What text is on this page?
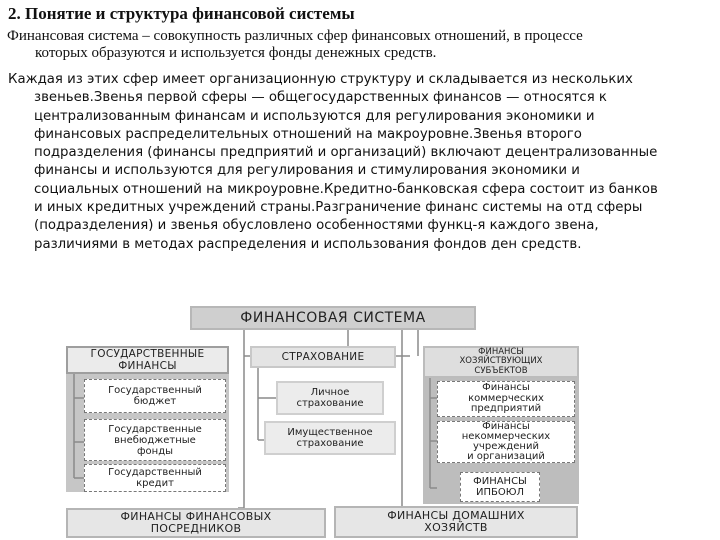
2. Понятие и структура финансовой системы
Финансовая система – совокупность различных сфер финансовых отношений, в процессе
которых образуются и используется фонды денежных средств.
Каждая из этих сфер имеет организационную структуру и складывается из нескольких
звеньев.Звенья первой сферы — общегосударственных финансов — относятся к
централизованным финансам и используются для регулирования экономики и
финансовых распределительных отношений на макроуровне.Звенья второго
подразделения (финансы предприятий и организаций) включают децентрализованные
финансы и используются для регулирования и стимулирования экономики и
социальных отношений на микроуровне.Кредитно-банковская сфера состоит из банков
и иных кредитных учреждений страны.Разграничение финанс системы на отд сферы
(подразделения) и звенья обусловлено особенностями функц-я каждого звена,
различиями в методах распределения и использования фондов ден средств.
ФИНАНСОВАЯ СИСТЕМА
ГОСУДАРСТВЕННЫЕ
ФИНАНСЫ
Государственный
бюджет
Государственные
внебюджетные
фонды
Государственный
кредит
СТРАХОВАНИЕ
Личное
страхование
Имущественное
страхование
ФИНАНСЫ
ХОЗЯЙСТВУЮЩИХ
СУБЪЕКТОВ
Финансы
коммерческих
предприятий
Финансы
некоммерческих
учреждений
и организаций
ФИНАНСЫ
ИПБОЮЛ
ФИНАНСЫ ФИНАНСОВЫХ
ПОСРЕДНИКОВ
ФИНАНСЫ ДОМАШНИХ
ХОЗЯЙСТВ
